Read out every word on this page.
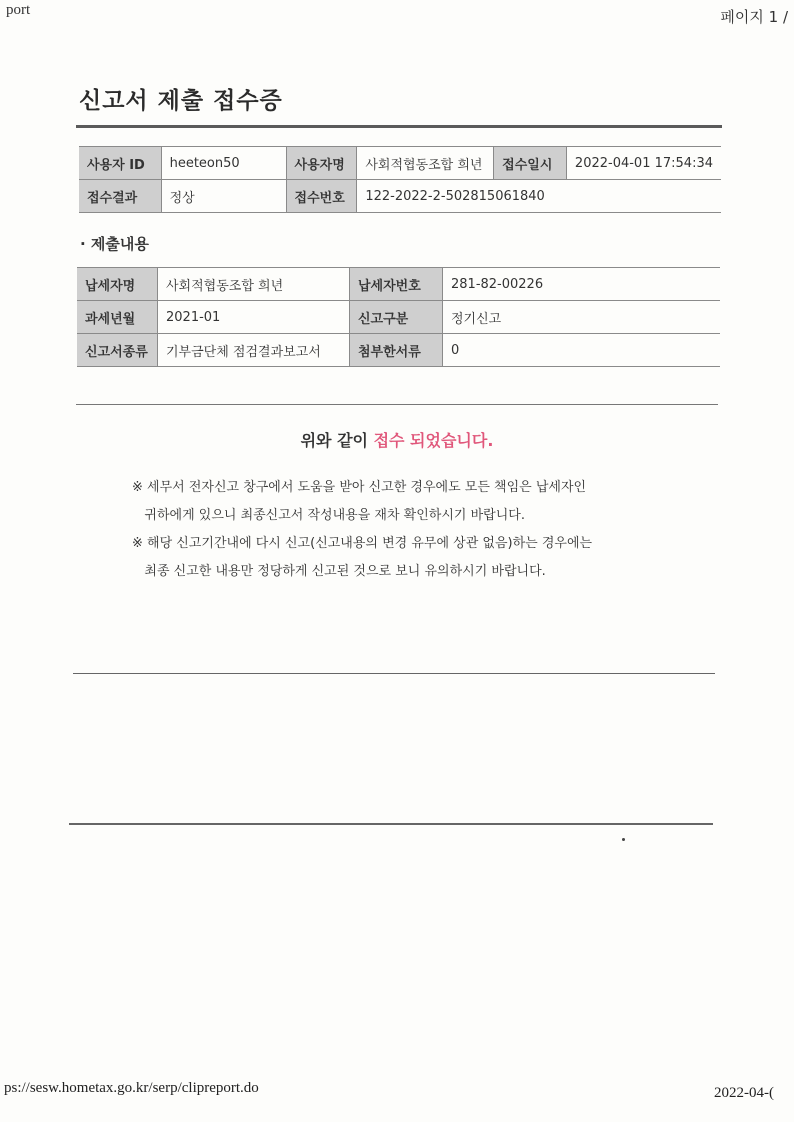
port	페이지 1 /
신고서 제출 접수증
사용자 ID	heeteon50	사용자명	사회적협동조합 희년	접수일시	2022-04-01 17:54:34
접수결과	정상	접수번호	122-2022-2-502815061840		
· 제출내용
납세자명	사회적협동조합 희년	납세자번호	281-82-00226
과세년월	2021-01	신고구분	정기신고
신고서종류	기부금단체 점검결과보고서	첨부한서류	0
위와 같이 접수 되었습니다.
※ 세무서 전자신고 창구에서 도움을 받아 신고한 경우에도 모든 책임은 납세자인
귀하에게 있으니 최종신고서 작성내용을 재차 확인하시기 바랍니다.
※ 해당 신고기간내에 다시 신고(신고내용의 변경 유무에 상관 없음)하는 경우에는
최종 신고한 내용만 정당하게 신고된 것으로 보니 유의하시기 바랍니다.
ps://sesw.hometax.go.kr/serp/clipreport.do	2022-04-(
